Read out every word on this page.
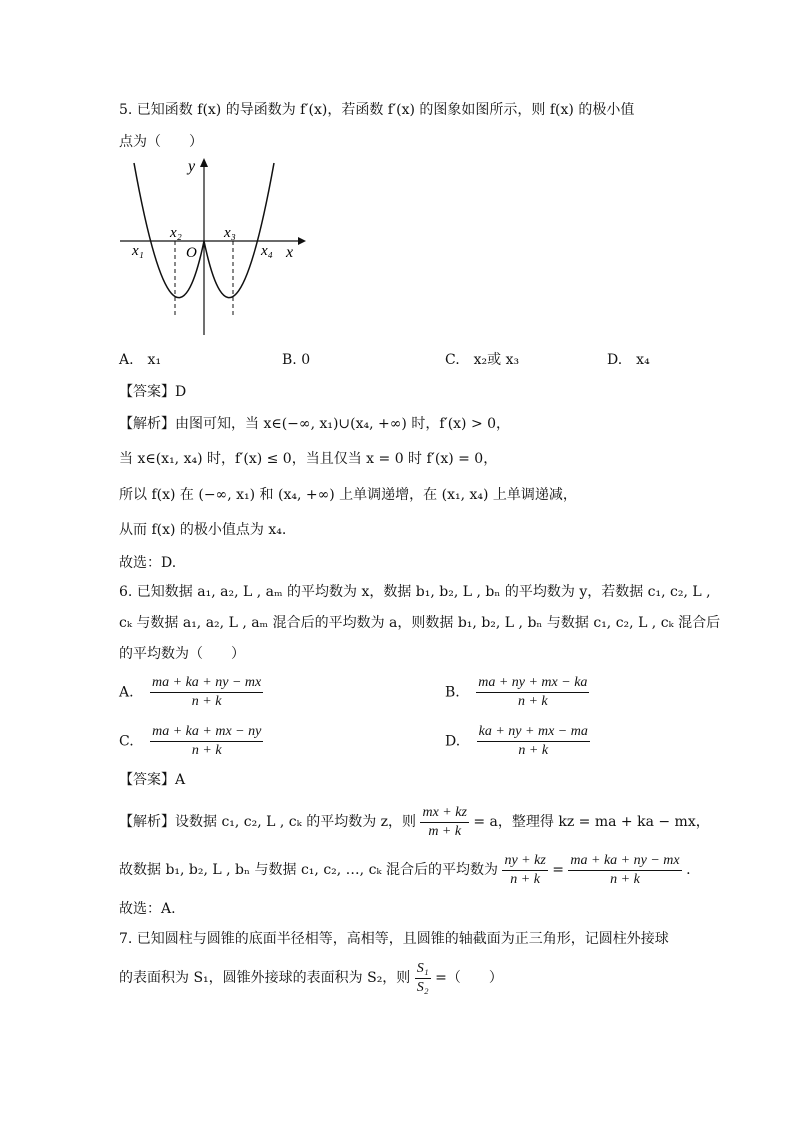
5. 已知函数 f(x) 的导函数为 f′(x)，若函数 f′(x) 的图象如图所示，则 f(x) 的极小值
点为（　　）
y
x
O
x₁
x₂	x₃
x₄
A.　x₁	B. 0	C.　x₂或 x₃	D.　x₄
【答案】D
【解析】由图可知，当 x∈(−∞, x₁)∪(x₄, +∞) 时，f′(x) > 0，
当 x∈(x₁, x₄) 时，f′(x) ≤ 0，当且仅当 x = 0 时 f′(x) = 0，
所以 f(x) 在 (−∞, x₁) 和 (x₄, +∞) 上单调递增，在 (x₁, x₄) 上单调递减，
从而 f(x) 的极小值点为 x₄.
故选：D.
6. 已知数据 a₁, a₂, L , aₘ 的平均数为 x，数据 b₁, b₂, L , bₙ 的平均数为 y，若数据 c₁, c₂, L ,
cₖ 与数据 a₁, a₂, L , aₘ 混合后的平均数为 a，则数据 b₁, b₂, L , bₙ 与数据 c₁, c₂, L , cₖ 混合后
的平均数为（　　）
A. $\frac{ma + ka + ny - mx}{n + k}$	B. $\frac{ma + ny + mx - ka}{n + k}$
C. $\frac{ma + ka + mx - ny}{n + k}$	D. $\frac{ka + ny + mx - ma}{n + k}$
【答案】A
【解析】设数据 c₁, c₂, L , cₖ 的平均数为 z，则 $\frac{mx + kz}{m + k} = a$，整理得 kz = ma + ka − mx，
故数据 b₁, b₂, L , bₙ 与数据 c₁, c₂, …, cₖ 混合后的平均数为 $\frac{ny + kz}{n + k} = \frac{ma + ka + ny - mx}{n + k}$ .
故选：A.
7. 已知圆柱与圆锥的底面半径相等，高相等，且圆锥的轴截面为正三角形，记圆柱外接球
的表面积为 S₁，圆锥外接球的表面积为 S₂，则 $\frac{\text{S₁}}{\text{S₂}}$ =（　　）
